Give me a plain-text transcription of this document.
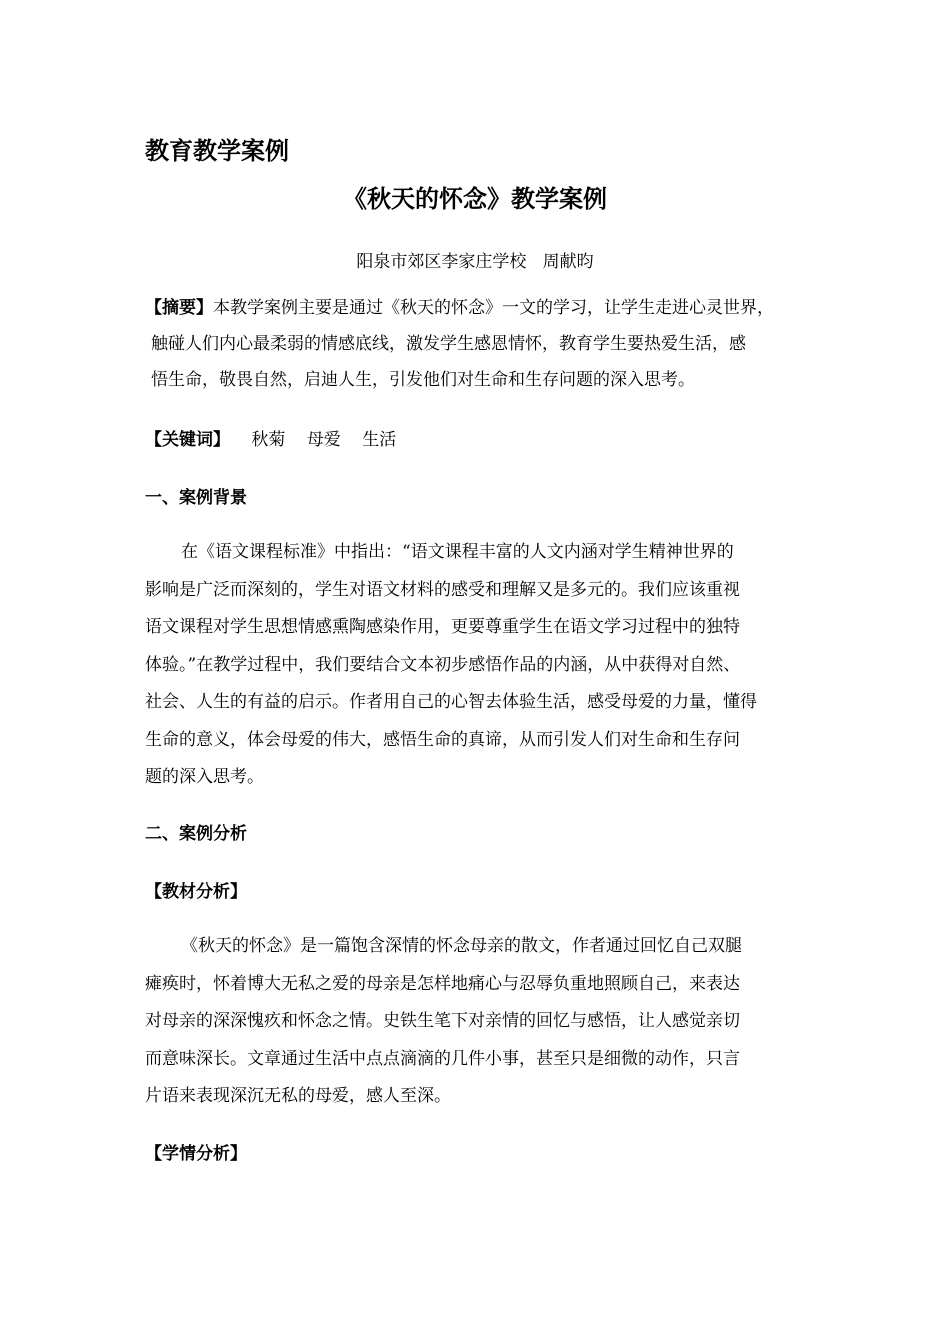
教育教学案例
《秋天的怀念》教学案例
阳泉市郊区李家庄学校   周献昀
【摘要】本教学案例主要是通过《秋天的怀念》一文的学习，让学生走进心灵世界，
触碰人们内心最柔弱的情感底线，激发学生感恩情怀，教育学生要热爱生活，感
悟生命，敬畏自然，启迪人生，引发他们对生命和生存问题的深入思考。
【关键词】 秋菊 母爱 生活
一、案例背景
在《语文课程标准》中指出：“语文课程丰富的人文内涵对学生精神世界的
影响是广泛而深刻的，学生对语文材料的感受和理解又是多元的。我们应该重视
语文课程对学生思想情感熏陶感染作用，更要尊重学生在语文学习过程中的独特
体验。”在教学过程中，我们要结合文本初步感悟作品的内涵，从中获得对自然、
社会、人生的有益的启示。作者用自己的心智去体验生活，感受母爱的力量，懂得
生命的意义，体会母爱的伟大，感悟生命的真谛，从而引发人们对生命和生存问
题的深入思考。
二、案例分析
【教材分析】
《秋天的怀念》是一篇饱含深情的怀念母亲的散文，作者通过回忆自己双腿
瘫痪时，怀着博大无私之爱的母亲是怎样地痛心与忍辱负重地照顾自己，来表达
对母亲的深深愧疚和怀念之情。史铁生笔下对亲情的回忆与感悟，让人感觉亲切
而意味深长。文章通过生活中点点滴滴的几件小事，甚至只是细微的动作，只言
片语来表现深沉无私的母爱，感人至深。
【学情分析】
